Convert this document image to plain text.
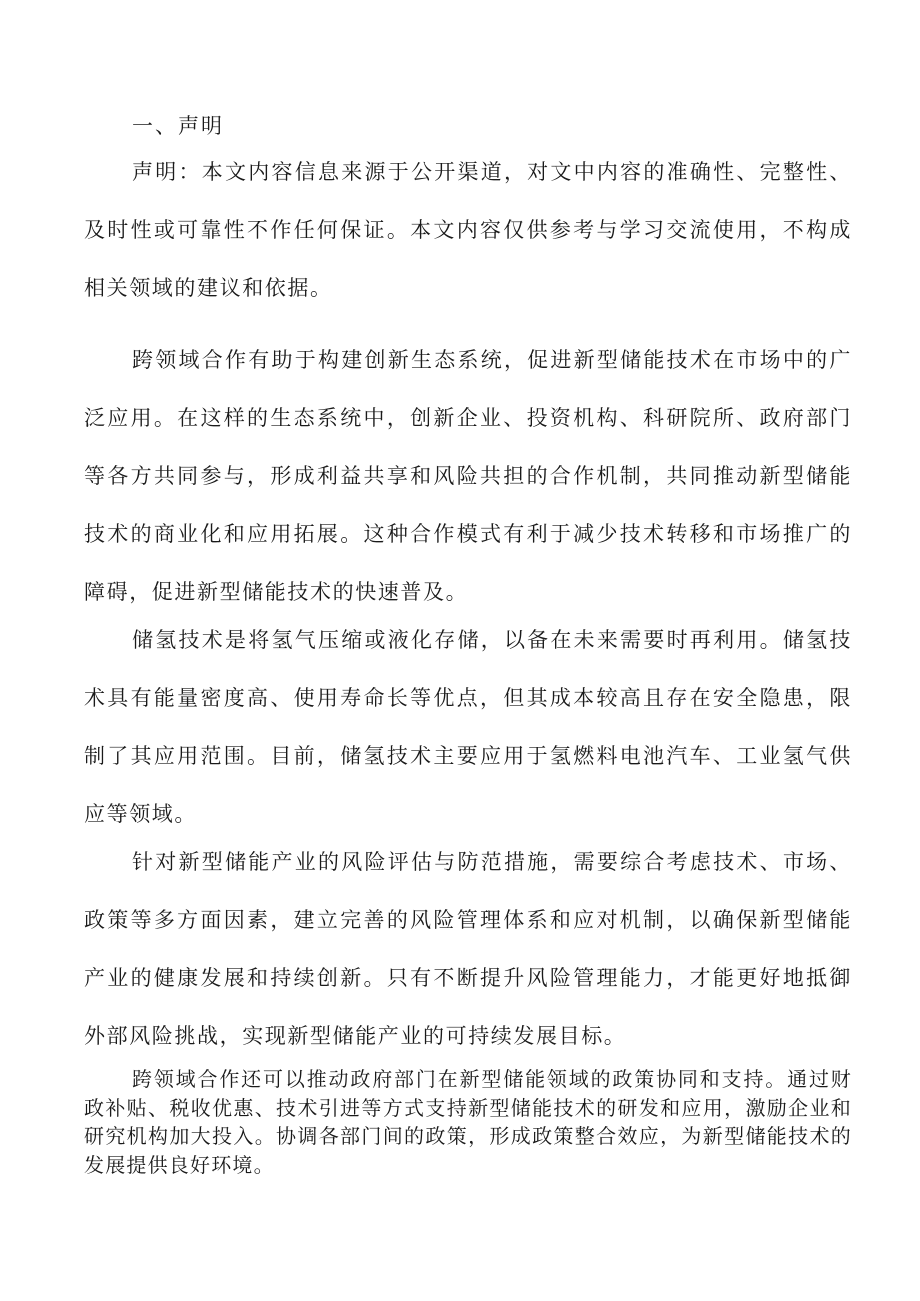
一、声明

声明：本文内容信息来源于公开渠道，对文中内容的准确性、完整性、及时性或可靠性不作任何保证。本文内容仅供参考与学习交流使用，不构成相关领域的建议和依据。

跨领域合作有助于构建创新生态系统，促进新型储能技术在市场中的广泛应用。在这样的生态系统中，创新企业、投资机构、科研院所、政府部门等各方共同参与，形成利益共享和风险共担的合作机制，共同推动新型储能技术的商业化和应用拓展。这种合作模式有利于减少技术转移和市场推广的障碍，促进新型储能技术的快速普及。

储氢技术是将氢气压缩或液化存储，以备在未来需要时再利用。储氢技术具有能量密度高、使用寿命长等优点，但其成本较高且存在安全隐患，限制了其应用范围。目前，储氢技术主要应用于氢燃料电池汽车、工业氢气供应等领域。

针对新型储能产业的风险评估与防范措施，需要综合考虑技术、市场、政策等多方面因素，建立完善的风险管理体系和应对机制，以确保新型储能产业的健康发展和持续创新。只有不断提升风险管理能力，才能更好地抵御外部风险挑战，实现新型储能产业的可持续发展目标。

跨领域合作还可以推动政府部门在新型储能领域的政策协同和支持。通过财政补贴、税收优惠、技术引进等方式支持新型储能技术的研发和应用，激励企业和研究机构加大投入。协调各部门间的政策，形成政策整合效应，为新型储能技术的发展提供良好环境。
